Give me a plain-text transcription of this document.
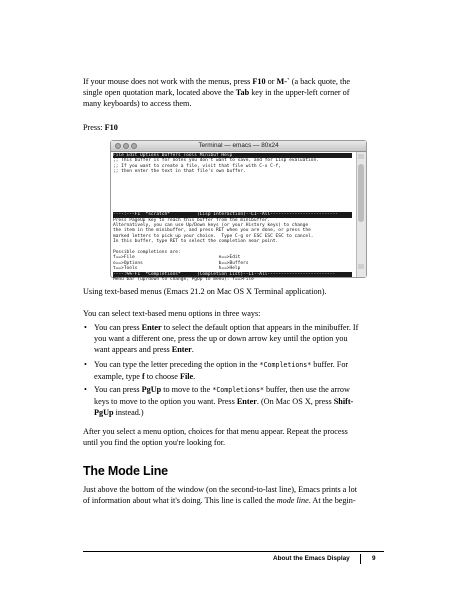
If your mouse does not work with the menus, press F10 or M-` (a back quote, the
single open quotation mark, located above the Tab key in the upper-left corner of
many keyboards) to access them.
Press: F10
Terminal — emacs — 80x24
File Edit Options Buffers Tools Minibuf Help
;; This buffer is for notes you don't want to save, and for Lisp evaluation.
;; If you want to create a file, visit that file with C-x C-f,
;; then enter the text in that file's own buffer.
----:---F1  *scratch*          (Lisp Interaction)--L1--All-------------------------
Press PageUp key to reach this buffer from the minibuffer.
Alternatively, you can use Up/Down keys (or your History keys) to change
the item in the minibuffer, and press RET when you are done, or press the
marked letters to pick up your choice.  Type C-g or ESC ESC ESC to cancel.
In this buffer, type RET to select the completion near point.
Possible completions are:
f==>File                               e==>Edit
o==>Options                            b==>Buffers
t==>Tools                              h==>Help
----:%%-F1  *Completions*      (Completion List)--L1--All-------------------------
Menu bar (up/down to change, PgUp to menu): f==>File
Using text-based menus (Emacs 21.2 on Mac OS X Terminal application).
You can select text-based menu options in three ways:
• You can press Enter to select the default option that appears in the minibuffer. If
you want a different one, press the up or down arrow key until the option you
want appears and press Enter.
• You can type the letter preceding the option in the *Completions* buffer. For
example, type f to choose File.
• You can press PgUp to move to the *Completions* buffer, then use the arrow
keys to move to the option you want. Press Enter. (On Mac OS X, press Shift-
PgUp instead.)
After you select a menu option, choices for that menu appear. Repeat the process
until you find the option you're looking for.
The Mode Line
Just above the bottom of the window (on the second-to-last line), Emacs prints a lot
of information about what it's doing. This line is called the mode line. At the begin-
About the Emacs Display	9
